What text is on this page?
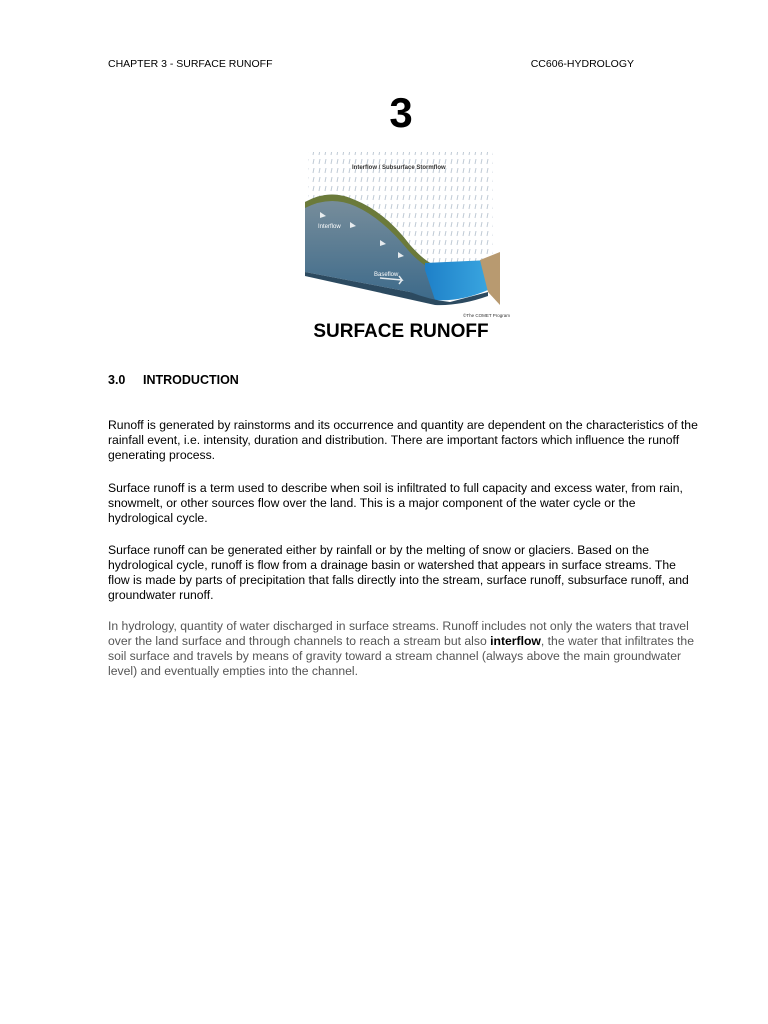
CHAPTER 3 - SURFACE RUNOFF	CC606-HYDROLOGY
3
Interflow / Subsurface Stormflow
Interflow
Baseflow
©The COMET Program
SURFACE RUNOFF
3.0 INTRODUCTION

Runoff is generated by rainstorms and its occurrence and quantity are dependent on the characteristics of the rainfall event, i.e. intensity, duration and distribution. There are important factors which influence the runoff generating process.

Surface runoff is a term used to describe when soil is infiltrated to full capacity and excess water, from rain, snowmelt, or other sources flow over the land. This is a major component of the water cycle or the hydrological cycle.

Surface runoff can be generated either by rainfall or by the melting of snow or glaciers. Based on the hydrological cycle, runoff is flow from a drainage basin or watershed that appears in surface streams. The flow is made by parts of precipitation that falls directly into the stream, surface runoff, subsurface runoff, and groundwater runoff.

In hydrology, quantity of water discharged in surface streams. Runoff includes not only the waters that travel over the land surface and through channels to reach a stream but also interflow, the water that infiltrates the soil surface and travels by means of gravity toward a stream channel (always above the main groundwater level) and eventually empties into the channel.
